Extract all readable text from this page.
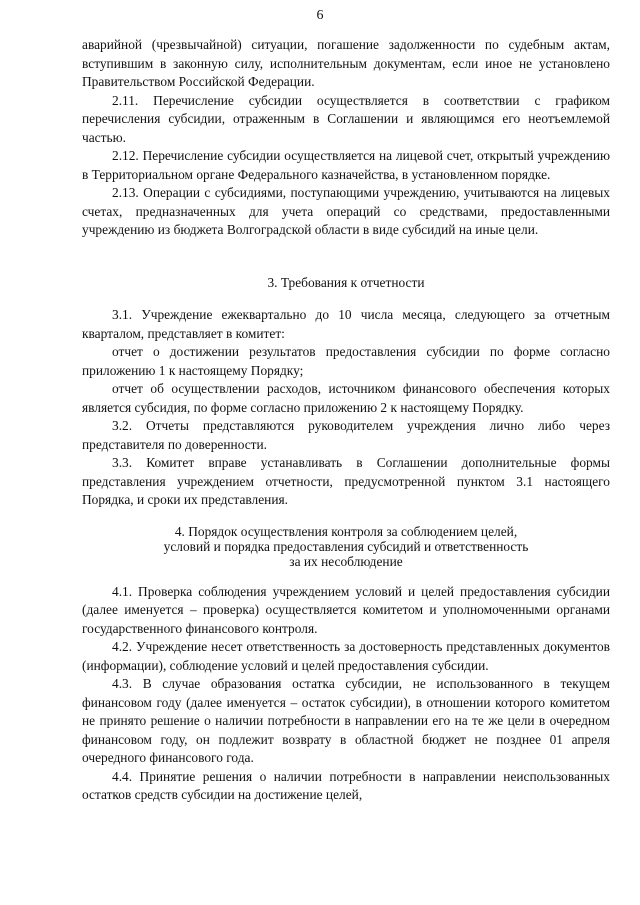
6

аварийной (чрезвычайной) ситуации, погашение задолженности по судебным актам, вступившим в законную силу, исполнительным документам, если иное не установлено Правительством Российской Федерации.

2.11. Перечисление субсидии осуществляется в соответствии с графиком перечисления субсидии, отраженным в Соглашении и являющимся его неотъемлемой частью.

2.12. Перечисление субсидии осуществляется на лицевой счет, открытый учреждению в Территориальном органе Федерального казначейства, в установленном порядке.

2.13. Операции с субсидиями, поступающими учреждению, учитываются на лицевых счетах, предназначенных для учета операций со средствами, предоставленными учреждению из бюджета Волгоградской области в виде субсидий на иные цели.

3. Требования к отчетности

3.1. Учреждение ежеквартально до 10 числа месяца, следующего за отчетным кварталом, представляет в комитет:

отчет о достижении результатов предоставления субсидии по форме согласно приложению 1 к настоящему Порядку;

отчет об осуществлении расходов, источником финансового обеспечения которых является субсидия, по форме согласно приложению 2 к настоящему Порядку.

3.2. Отчеты представляются руководителем учреждения лично либо через представителя по доверенности.

3.3. Комитет вправе устанавливать в Соглашении дополнительные формы представления учреждением отчетности, предусмотренной пунктом 3.1 настоящего Порядка, и сроки их представления.

4. Порядок осуществления контроля за соблюдением целей,
условий и порядка предоставления субсидий и ответственность
за их несоблюдение

4.1. Проверка соблюдения учреждением условий и целей предоставления субсидии (далее именуется – проверка) осуществляется комитетом и уполномоченными органами государственного финансового контроля.

4.2. Учреждение несет ответственность за достоверность представленных документов (информации), соблюдение условий и целей предоставления субсидии.

4.3. В случае образования остатка субсидии, не использованного в текущем финансовом году (далее именуется – остаток субсидии), в отношении которого комитетом не принято решение о наличии потребности в направлении его на те же цели в очередном финансовом году, он подлежит возврату в областной бюджет не позднее 01 апреля очередного финансового года.

4.4. Принятие решения о наличии потребности в направлении неиспользованных остатков средств субсидии на достижение целей,
